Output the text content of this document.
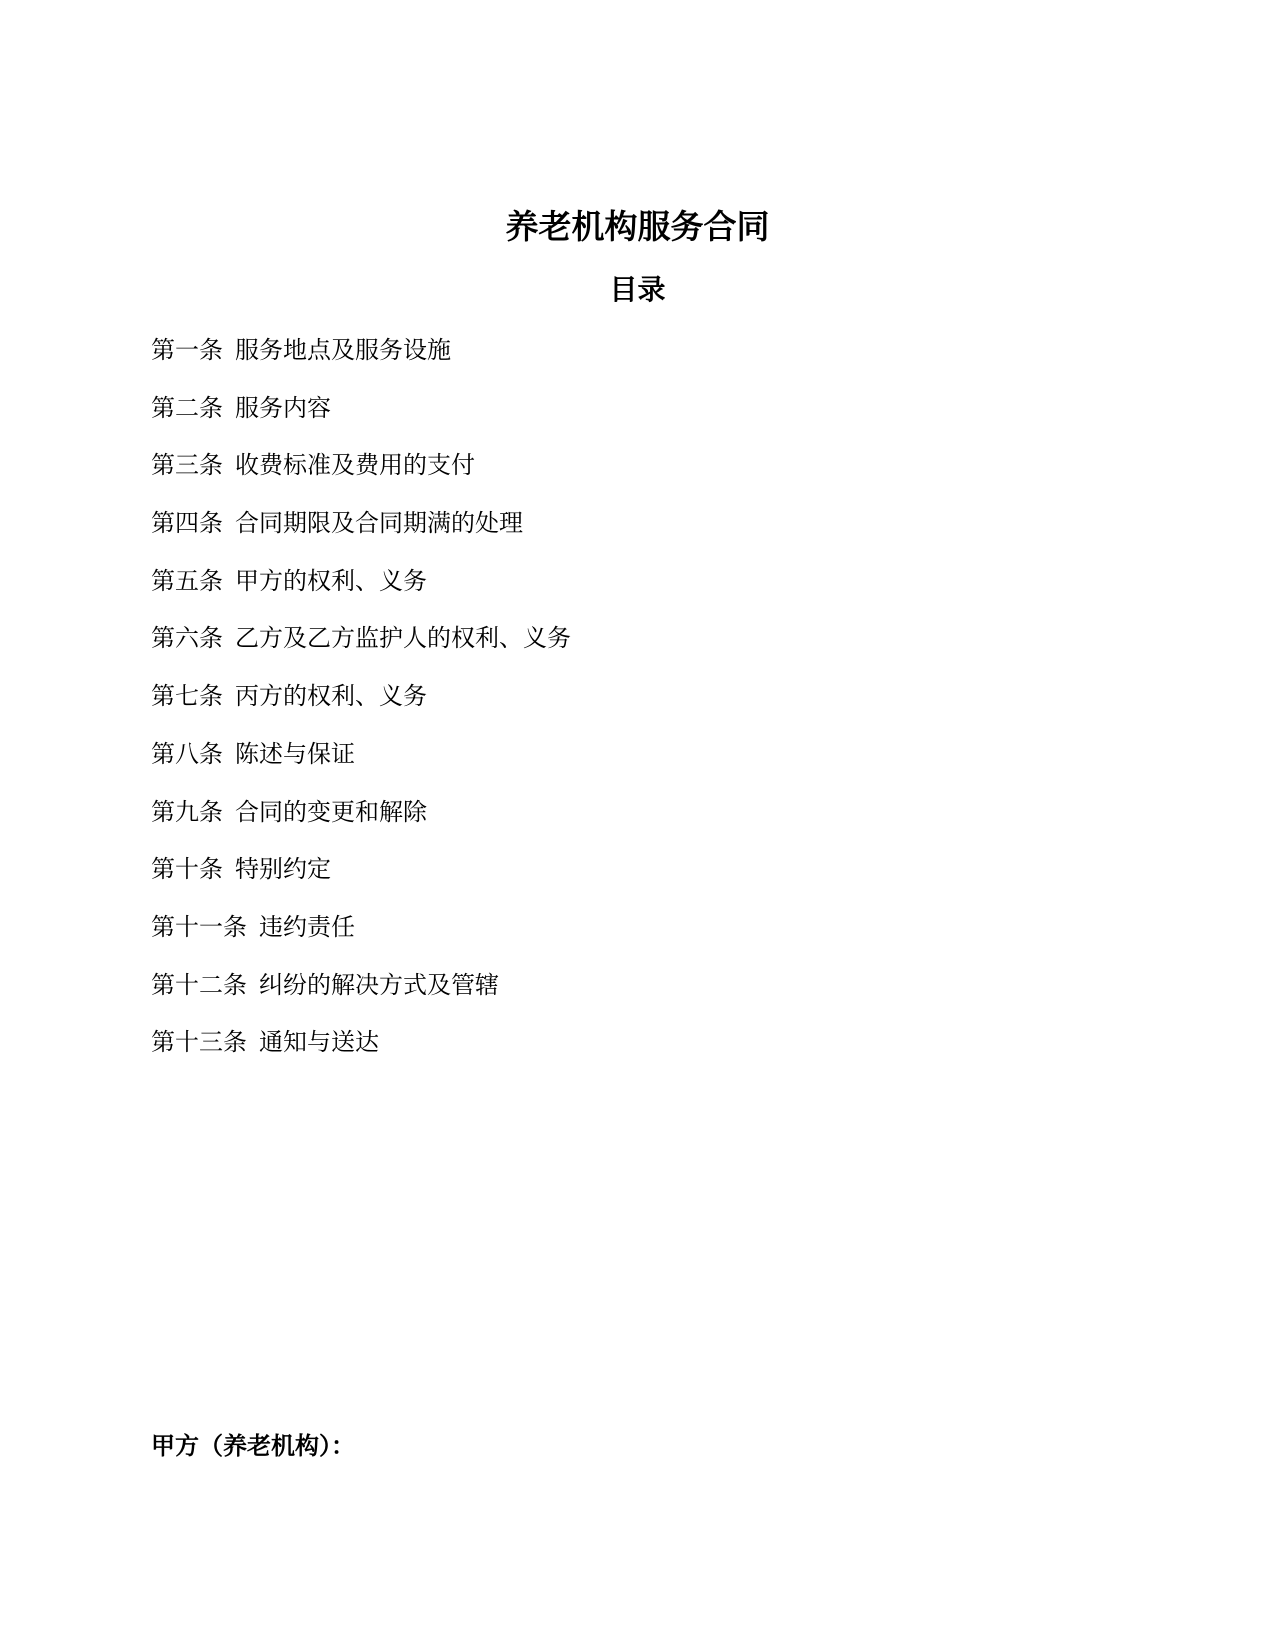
养老机构服务合同
目录
第一条 服务地点及服务设施
第二条 服务内容
第三条 收费标准及费用的支付
第四条 合同期限及合同期满的处理
第五条 甲方的权利、义务
第六条 乙方及乙方监护人的权利、义务
第七条 丙方的权利、义务
第八条 陈述与保证
第九条 合同的变更和解除
第十条 特别约定
第十一条 违约责任
第十二条 纠纷的解决方式及管辖
第十三条 通知与送达

甲方（养老机构）：
